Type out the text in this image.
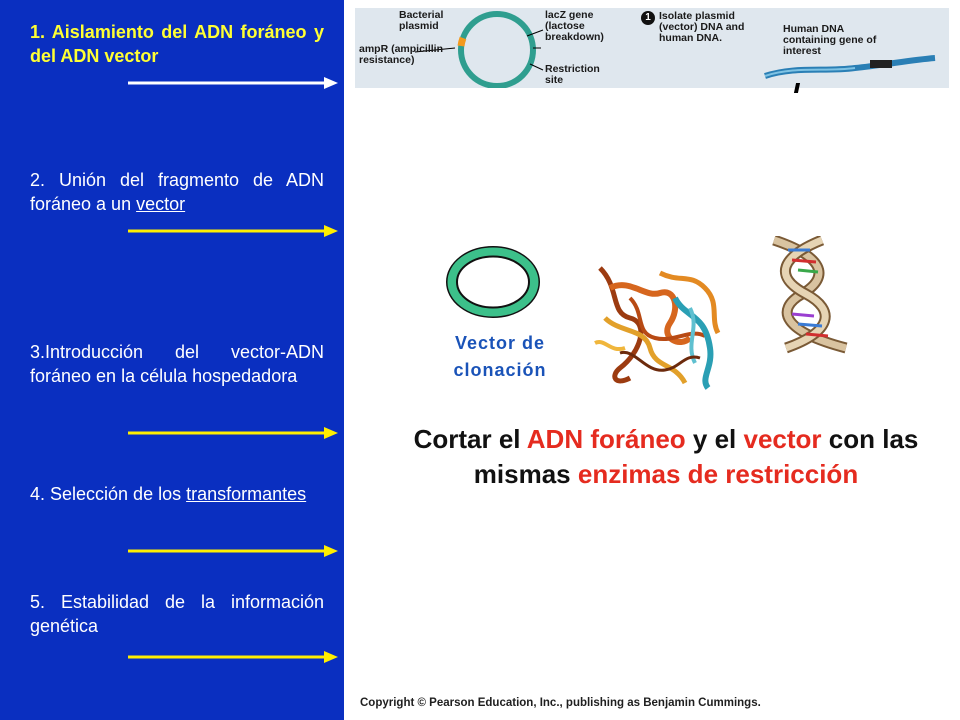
1. Aislamiento del ADN foráneo y del ADN vector
2. Unión del fragmento de ADN foráneo a un vector
3.Introducción del vector-ADN foráneo en la célula hospedadora
4. Selección de los transformantes
5. Estabilidad de la información genética
Bacterial plasmid
ampR (ampicillin resistance)
lacZ gene (lactose breakdown)
Restriction site
1 Isolate plasmid (vector) DNA and human DNA.
Human DNA containing gene of interest
Vector de clonación
Cortar el ADN foráneo y el vector con las mismas enzimas de restricción
Copyright © Pearson Education, Inc., publishing as Benjamin Cummings.
